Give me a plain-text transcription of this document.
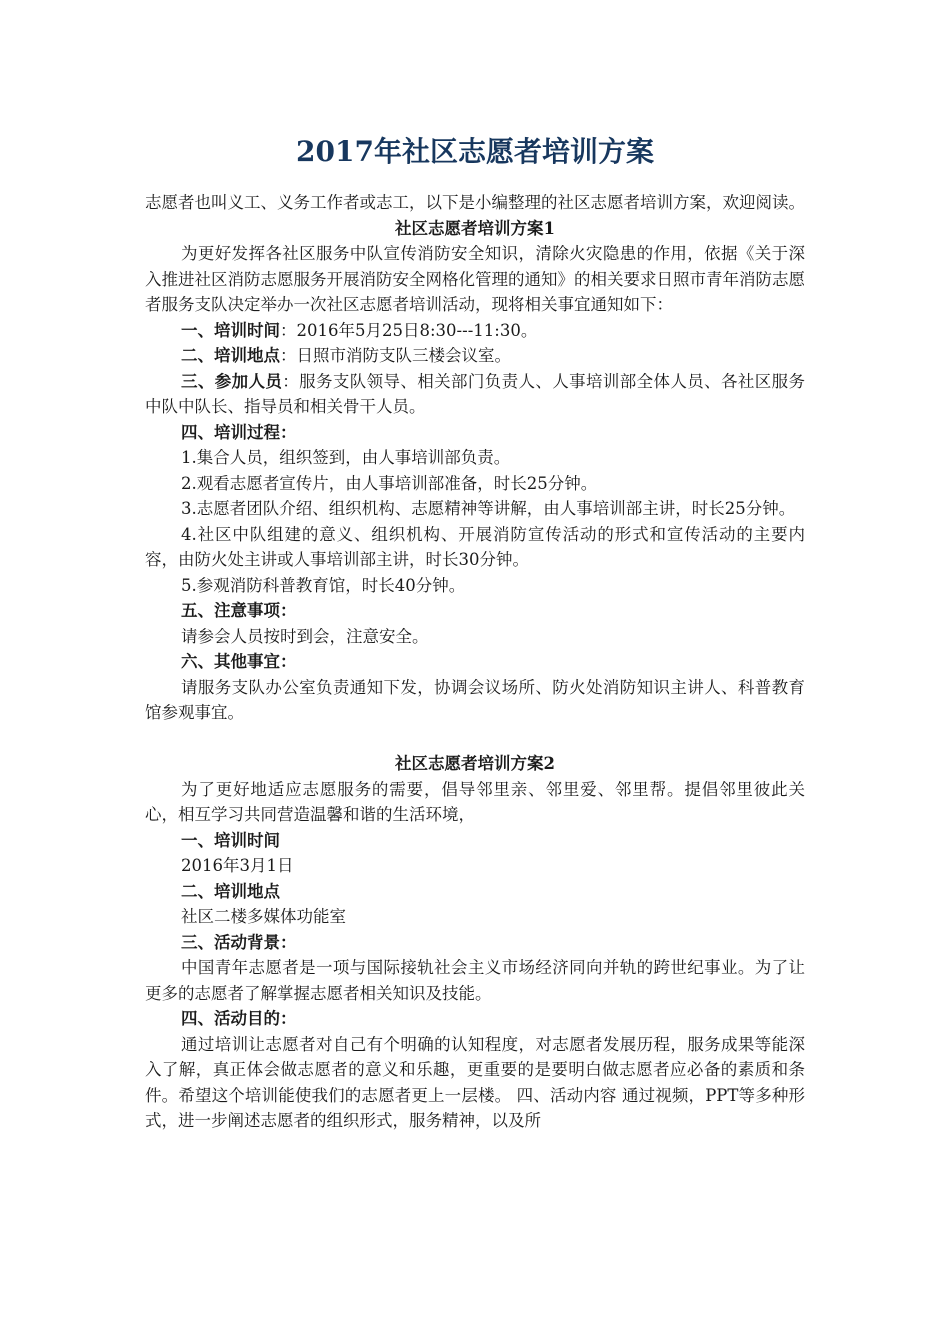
2017年社区志愿者培训方案

志愿者也叫义工、义务工作者或志工，以下是小编整理的社区志愿者培训方案，欢迎阅读。

社区志愿者培训方案1

为更好发挥各社区服务中队宣传消防安全知识，清除火灾隐患的作用，依据《关于深入推进社区消防志愿服务开展消防安全网格化管理的通知》的相关要求日照市青年消防志愿者服务支队决定举办一次社区志愿者培训活动，现将相关事宜通知如下：

一、培训时间：2016年5月25日8:30---11:30。

二、培训地点：日照市消防支队三楼会议室。

三、参加人员：服务支队领导、相关部门负责人、人事培训部全体人员、各社区服务中队中队长、指导员和相关骨干人员。

四、培训过程：

1.集合人员，组织签到，由人事培训部负责。

2.观看志愿者宣传片，由人事培训部准备，时长25分钟。

3.志愿者团队介绍、组织机构、志愿精神等讲解，由人事培训部主讲，时长25分钟。

4.社区中队组建的意义、组织机构、开展消防宣传活动的形式和宣传活动的主要内容，由防火处主讲或人事培训部主讲，时长30分钟。

5.参观消防科普教育馆，时长40分钟。

五、注意事项：

请参会人员按时到会，注意安全。

六、其他事宜：

请服务支队办公室负责通知下发，协调会议场所、防火处消防知识主讲人、科普教育馆参观事宜。

社区志愿者培训方案2

为了更好地适应志愿服务的需要，倡导邻里亲、邻里爱、邻里帮。提倡邻里彼此关心，相互学习共同营造温馨和谐的生活环境，

一、培训时间

2016年3月1日

二、培训地点

社区二楼多媒体功能室

三、活动背景：

中国青年志愿者是一项与国际接轨社会主义市场经济同向并轨的跨世纪事业。为了让更多的志愿者了解掌握志愿者相关知识及技能。

四、活动目的：

通过培训让志愿者对自己有个明确的认知程度，对志愿者发展历程，服务成果等能深入了解，真正体会做志愿者的意义和乐趣，更重要的是要明白做志愿者应必备的素质和条件。希望这个培训能使我们的志愿者更上一层楼。 四、活动内容 通过视频，PPT等多种形式，进一步阐述志愿者的组织形式，服务精神，以及所
